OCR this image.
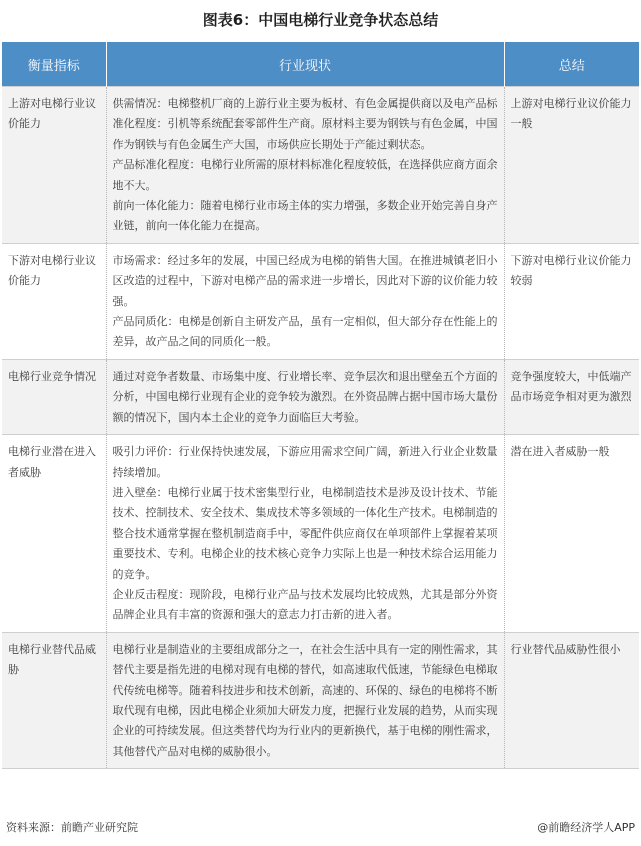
图表6：中国电梯行业竞争状态总结
衡量指标	行业现状	总结
上游对电梯行业议价能力	供需情况：电梯整机厂商的上游行业主要为板材、有色金属提供商以及电产品标准化程度：引机等系统配套零部件生产商。原材料主要为钢铁与有色金属，中国作为钢铁与有色金属生产大国，市场供应长期处于产能过剩状态。
产品标准化程度：电梯行业所需的原材料标准化程度较低，在选择供应商方面余地不大。
前向一体化能力：随着电梯行业市场主体的实力增强，多数企业开始完善自身产业链，前向一体化能力在提高。	上游对电梯行业议价能力一般
下游对电梯行业议价能力	市场需求：经过多年的发展，中国已经成为电梯的销售大国。在推进城镇老旧小区改造的过程中，下游对电梯产品的需求进一步增长，因此对下游的议价能力较强。
产品同质化：电梯是创新自主研发产品，虽有一定相似，但大部分存在性能上的差异，故产品之间的同质化一般。	下游对电梯行业议价能力较弱
电梯行业竞争情况	通过对竞争者数量、市场集中度、行业增长率、竞争层次和退出壁垒五个方面的分析，中国电梯行业现有企业的竞争较为激烈。在外资品牌占据中国市场大量份额的情况下，国内本土企业的竞争力面临巨大考验。	竞争强度较大，中低端产品市场竞争相对更为激烈
电梯行业潜在进入者威胁	吸引力评价：行业保持快速发展，下游应用需求空间广阔，新进入行业企业数量持续增加。
进入壁垒：电梯行业属于技术密集型行业，电梯制造技术是涉及设计技术、节能技术、控制技术、安全技术、集成技术等多领域的一体化生产技术。电梯制造的整合技术通常掌握在整机制造商手中，零配件供应商仅在单项部件上掌握着某项重要技术、专利。电梯企业的技术核心竞争力实际上也是一种技术综合运用能力的竞争。
企业反击程度：现阶段，电梯行业产品与技术发展均比较成熟，尤其是部分外资品牌企业具有丰富的资源和强大的意志力打击新的进入者。	潜在进入者威胁一般
电梯行业替代品威胁	电梯行业是制造业的主要组成部分之一，在社会生活中具有一定的刚性需求，其替代主要是指先进的电梯对现有电梯的替代，如高速取代低速，节能绿色电梯取代传统电梯等。随着科技进步和技术创新，高速的、环保的、绿色的电梯将不断取代现有电梯，因此电梯企业须加大研发力度，把握行业发展的趋势，从而实现企业的可持续发展。但这类替代均为行业内的更新换代，基于电梯的刚性需求，其他替代产品对电梯的威胁很小。	行业替代品威胁性很小
资料来源：前瞻产业研究院	@前瞻经济学人APP
